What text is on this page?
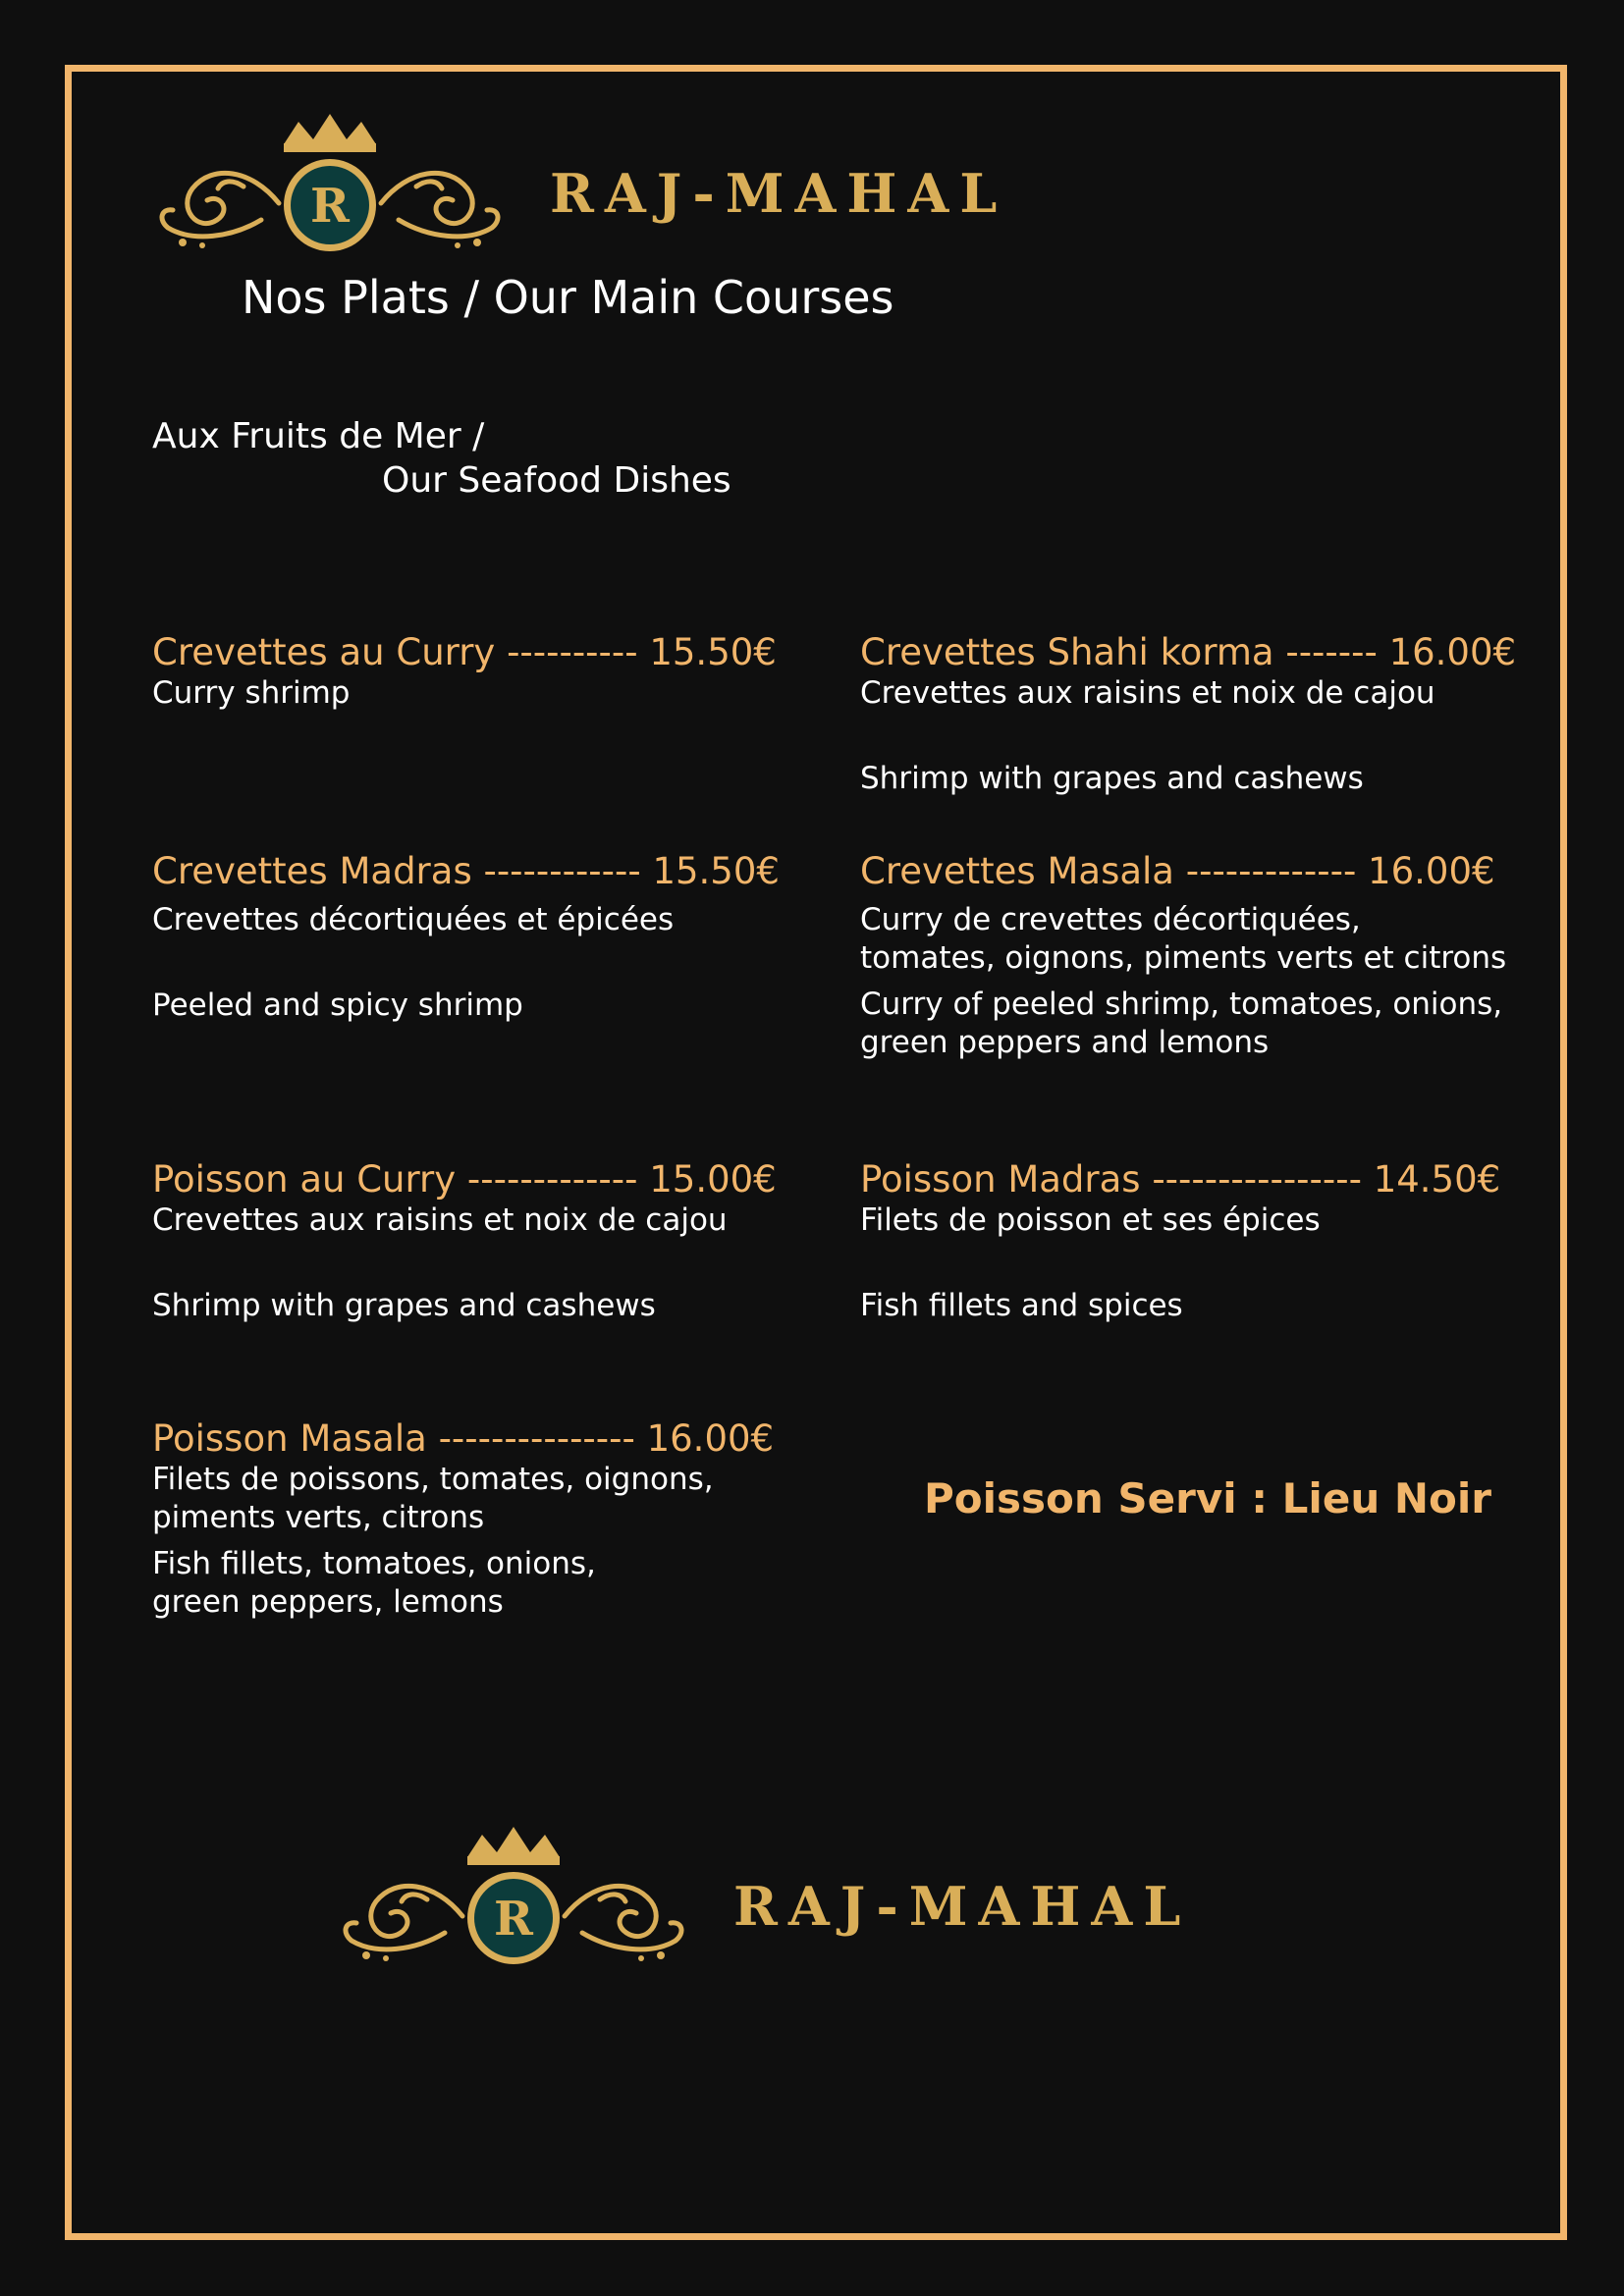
R	RAJ-MAHAL
Nos Plats / Our Main Courses
Aux Fruits de Mer /
Our Seafood Dishes
Crevettes au Curry ---------- 15.50€
Curry shrimp
Crevettes Shahi korma ------- 16.00€
Crevettes aux raisins et noix de cajou
Shrimp with grapes and cashews
Crevettes Madras ------------ 15.50€
Crevettes décortiquées et épicées
Peeled and spicy shrimp
Crevettes Masala ------------- 16.00€
Curry de crevettes décortiquées,
tomates, oignons, piments verts et citrons
Curry of peeled shrimp, tomatoes, onions,
green peppers and lemons
Poisson au Curry ------------- 15.00€
Crevettes aux raisins et noix de cajou
Shrimp with grapes and cashews
Poisson Madras ---------------- 14.50€
Filets de poisson et ses épices
Fish fillets and spices
Poisson Masala --------------- 16.00€
Filets de poissons, tomates, oignons,
piments verts, citrons
Fish fillets, tomatoes, onions,
green peppers, lemons
Poisson Servi : Lieu Noir
R	RAJ-MAHAL
